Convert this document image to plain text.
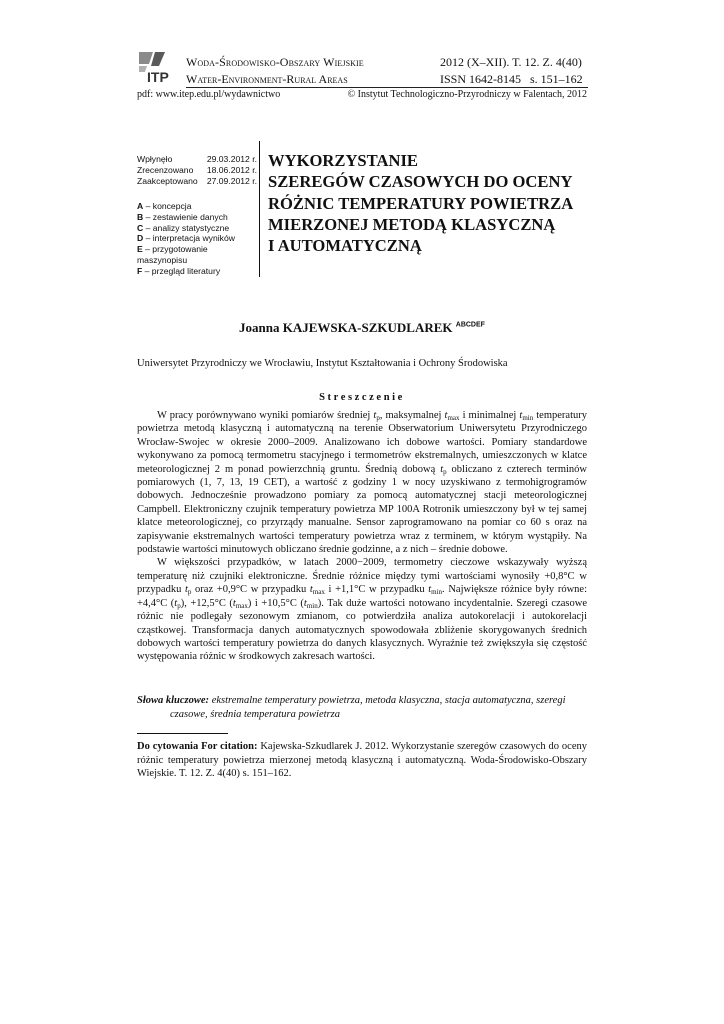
ITP
Woda-Środowisko-Obszary Wiejskie
Water-Environment-Rural Areas
2012 (X–XII). T. 12. Z. 4(40)
ISSN 1642-8145 s. 151–162
pdf: www.itep.edu.pl/wydawnictwo	© Instytut Technologiczno-Przyrodniczy w Falentach, 2012
Wpłynęło	29.03.2012 r.
Zrecenzowano 18.06.2012 r.
Zaakceptowano 27.09.2012 r.
A – koncepcja
B – zestawienie danych
C – analizy statystyczne
D – interpretacja wyników
E – przygotowanie maszynopisu
F – przegląd literatury
WYKORZYSTANIE
SZEREGÓW CZASOWYCH DO OCENY
RÓŻNIC TEMPERATURY POWIETRZA
MIERZONEJ METODĄ KLASYCZNĄ
I AUTOMATYCZNĄ
Joanna KAJEWSKA-SZKUDLAREK $^{ABCDEF}$
Uniwersytet Przyrodniczy we Wrocławiu, Instytut Kształtowania i Ochrony Środowiska
Streszczenie

W pracy porównywano wyniki pomiarów średniej $t_p$, maksymalnej $t_{max}$ i minimalnej $t_{min}$ temperatury powietrza metodą klasyczną i automatyczną na terenie Obserwatorium Uniwersytetu Przyrodniczego Wrocław-Swojec w okresie 2000–2009. Analizowano ich dobowe wartości. Pomiary standardowe wykonywano za pomocą termometru stacyjnego i termometrów ekstremalnych, umieszczonych w klatce meteorologicznej 2 m ponad powierzchnią gruntu. Średnią dobową $t_p$ obliczano z czterech terminów pomiarowych (1, 7, 13, 19 CET), a wartość z godziny 1 w nocy uzyskiwano z termohigrogramów dobowych. Jednocześnie prowadzono pomiary za pomocą automatycznej stacji meteorologicznej Campbell. Elektroniczny czujnik temperatury powietrza MP 100A Rotronik umieszczony był w tej samej klatce meteorologicznej, co przyrządy manualne. Sensor zaprogramowano na pomiar co 60 s oraz na zapisywanie ekstremalnych wartości temperatury powietrza wraz z terminem, w którym wystąpiły. Na podstawie wartości minutowych obliczano średnie godzinne, a z nich – średnie dobowe.

W większości przypadków, w latach 2000−2009, termometry cieczowe wskazywały wyższą temperaturę niż czujniki elektroniczne. Średnie różnice między tymi wartościami wynosiły +0,8°C w przypadku $t_p$ oraz +0,9°C w przypadku $t_{max}$ i +1,1°C w przypadku $t_{min}$. Największe różnice były równe: +4,4°C $(t_p)$, +12,5°C $(t_{max})$ i +10,5°C $(t_{min})$. Tak duże wartości notowano incydentalnie. Szeregi czasowe różnic nie podlegały sezonowym zmianom, co potwierdziła analiza autokorelacji i autokorelacji cząstkowej. Transformacja danych automatycznych spowodowała zbliżenie skorygowanych średnich dobowych wartości temperatury powietrza do danych klasycznych. Wyraźnie też zwiększyła się częstość występowania różnic w środkowych zakresach wartości.

Słowa kluczowe: ekstremalne temperatury powietrza, metoda klasyczna, stacja automatyczna, szeregi
czasowe, średnia temperatura powietrza
Do cytowania For citation: Kajewska-Szkudlarek J. 2012. Wykorzystanie szeregów czasowych do oceny różnic temperatury powietrza mierzonej metodą klasyczną i automatyczną. Woda-Środowisko-Obszary Wiejskie. T. 12. Z. 4(40) s. 151–162.
